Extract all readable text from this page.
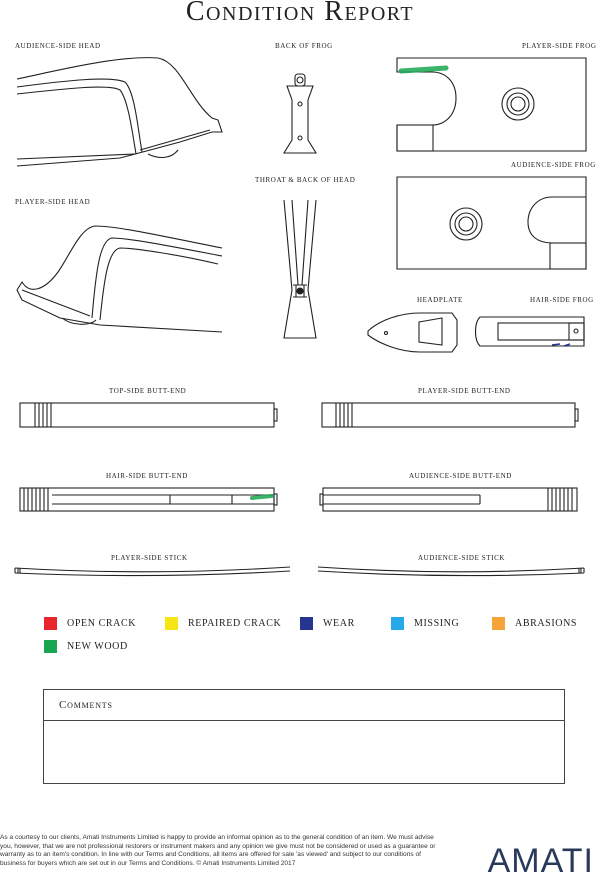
Condition Report
AUDIENCE-SIDE HEAD	BACK OF FROG	PLAYER-SIDE FROG
THROAT & BACK OF HEAD
AUDIENCE-SIDE FROG
PLAYER-SIDE HEAD
HEADPLATE	HAIR-SIDE FROG
TOP-SIDE BUTT-END	PLAYER-SIDE BUTT-END
HAIR-SIDE BUTT-END	AUDIENCE-SIDE BUTT-END
PLAYER-SIDE STICK	AUDIENCE-SIDE STICK
OPEN CRACK	REPAIRED CRACK	WEAR	MISSING	ABRASIONS
NEW WOOD
Comments
As a courtesy to our clients, Amati Instruments Limited is happy to provide an informal opinion as to the general condition of an item. We must advise you, however, that we are not professional restorers or instrument makers and any opinion we give must not be considered or used as a guarantee or warranty as to an item's condition. In line with our Terms and Conditions, all items are offered for sale 'as viewed' and subject to our conditions of business for buyers which are set out in our Terms and Conditions. © Amati Instruments Limited 2017	AMATI
